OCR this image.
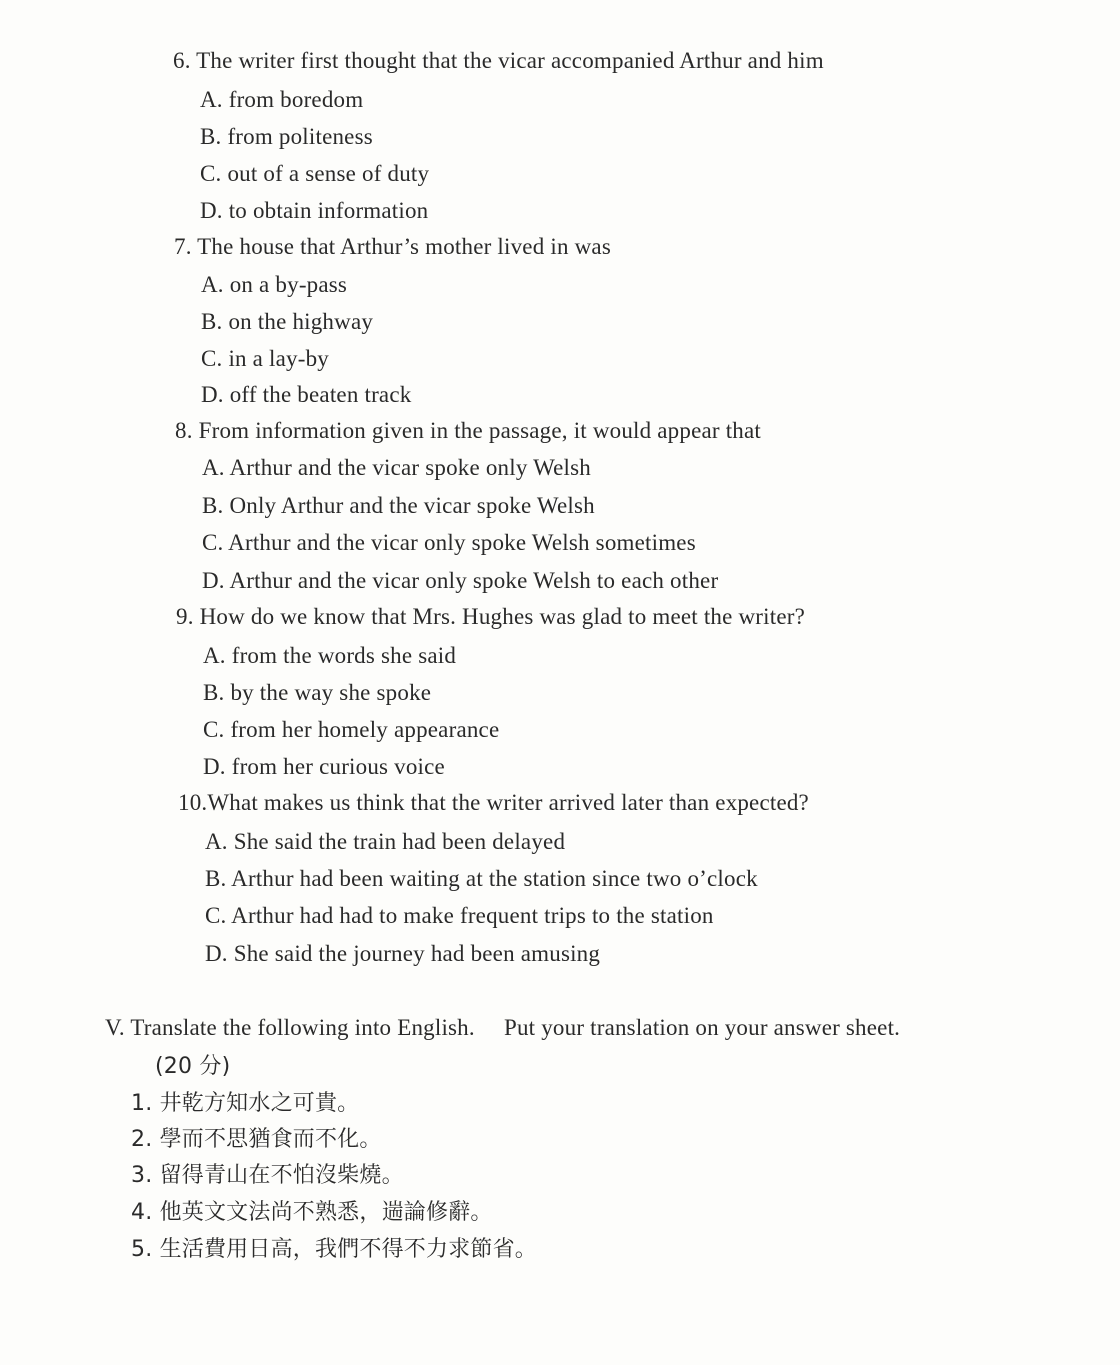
6. The writer first thought that the vicar accompanied Arthur and him
A. from boredom
B. from politeness
C. out of a sense of duty
D. to obtain information
7. The house that Arthur’s mother lived in was
A. on a by-pass
B. on the highway
C. in a lay-by
D. off the beaten track
8. From information given in the passage, it would appear that
A. Arthur and the vicar spoke only Welsh
B. Only Arthur and the vicar spoke Welsh
C. Arthur and the vicar only spoke Welsh sometimes
D. Arthur and the vicar only spoke Welsh to each other
9. How do we know that Mrs. Hughes was glad to meet the writer?
A. from the words she said
B. by the way she spoke
C. from her homely appearance
D. from her curious voice
10.What makes us think that the writer arrived later than expected?
A. She said the train had been delayed
B. Arthur had been waiting at the station since two o’clock
C. Arthur had had to make frequent trips to the station
D. She said the journey had been amusing
V. Translate the following into English.  Put your translation on your answer sheet.
(20 分)
1. 井乾方知水之可貴。
2. 學而不思猶食而不化。
3. 留得青山在不怕沒柴燒。
4. 他英文文法尚不熟悉，遄論修辭。
5. 生活費用日高，我們不得不力求節省。
